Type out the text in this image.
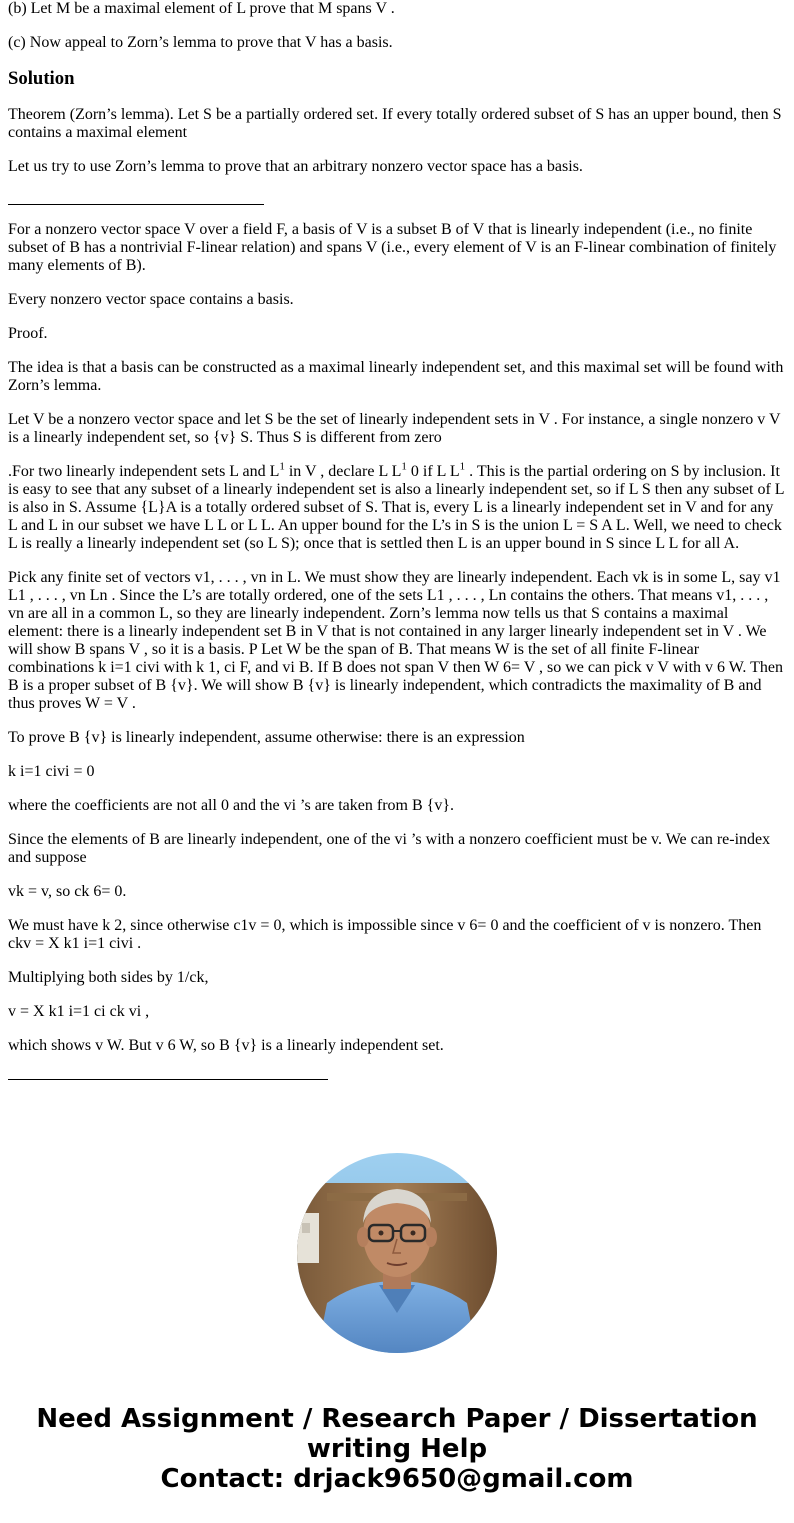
(b) Let M be a maximal element of L prove that M spans V .

(c) Now appeal to Zorn’s lemma to prove that V has a basis.

Solution

Theorem (Zorn’s lemma). Let S be a partially ordered set. If every totally ordered subset of S has an upper bound, then S contains a maximal element

Let us try to use Zorn’s lemma to prove that an arbitrary nonzero vector space has a basis.

For a nonzero vector space V over a field F, a basis of V is a subset B of V that is linearly independent (i.e., no finite subset of B has a nontrivial F-linear relation) and spans V (i.e., every element of V is an F-linear combination of finitely many elements of B).

Every nonzero vector space contains a basis.

Proof.

The idea is that a basis can be constructed as a maximal linearly independent set, and this maximal set will be found with Zorn’s lemma.

Let V be a nonzero vector space and let S be the set of linearly independent sets in V . For instance, a single nonzero v V is a linearly independent set, so {v} S. Thus S is different from zero

.For two linearly independent sets L and $L^1$ in V , declare L $L^1$ 0 if L $L^1$ . This is the partial ordering on S by inclusion. It is easy to see that any subset of a linearly independent set is also a linearly independent set, so if L S then any subset of L is also in S. Assume {L}A is a totally ordered subset of S. That is, every L is a linearly independent set in V and for any L and L in our subset we have L L or L L. An upper bound for the L’s in S is the union L = S A L. Well, we need to check L is really a linearly independent set (so L S); once that is settled then L is an upper bound in S since L L for all A.

Pick any finite set of vectors v1, . . . , vn in L. We must show they are linearly independent. Each vk is in some L, say v1 L1 , . . . , vn Ln . Since the L’s are totally ordered, one of the sets L1 , . . . , Ln contains the others. That means v1, . . . , vn are all in a common L, so they are linearly independent. Zorn’s lemma now tells us that S contains a maximal element: there is a linearly independent set B in V that is not contained in any larger linearly independent set in V . We will show B spans V , so it is a basis. P Let W be the span of B. That means W is the set of all finite F-linear combinations k i=1 civi with k 1, ci F, and vi B. If B does not span V then W 6= V , so we can pick v V with v 6 W. Then B is a proper subset of B {v}. We will show B {v} is linearly independent, which contradicts the maximality of B and thus proves W = V .

To prove B {v} is linearly independent, assume otherwise: there is an expression

k i=1 civi = 0

where the coefficients are not all 0 and the vi ’s are taken from B {v}.

Since the elements of B are linearly independent, one of the vi ’s with a nonzero coefficient must be v. We can re-index and suppose

vk = v, so ck 6= 0.

We must have k 2, since otherwise c1v = 0, which is impossible since v 6= 0 and the coefficient of v is nonzero. Then ckv = X k1 i=1 civi .

Multiplying both sides by 1/ck,

v = X k1 i=1 ci ck vi ,

which shows v W. But v 6 W, so B {v} is a linearly independent set.

Need Assignment / Research Paper / Dissertation
writing Help
Contact: drjack9650@gmail.com
